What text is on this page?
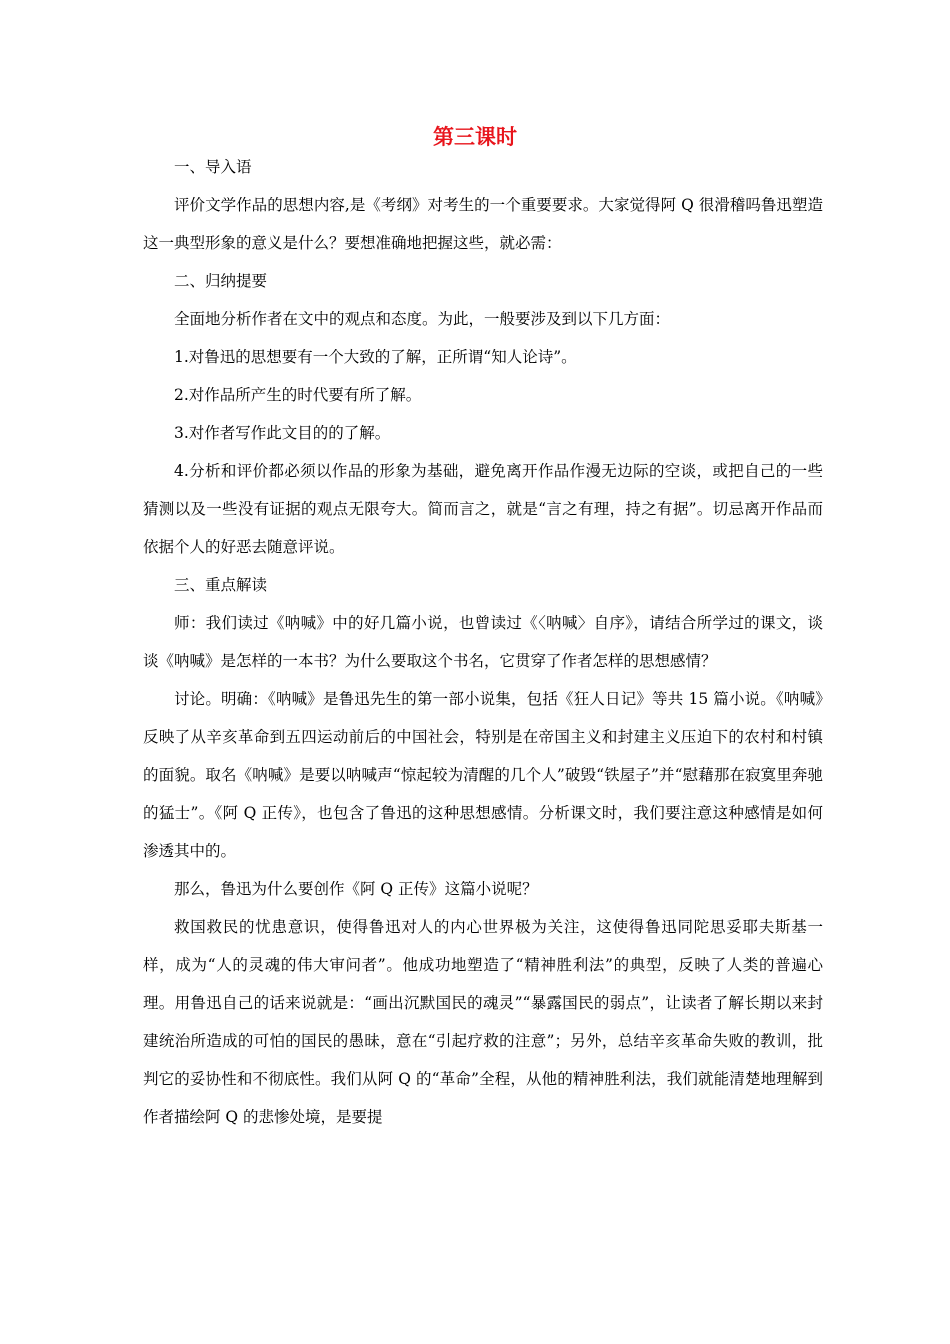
第三课时

一、导入语

评价文学作品的思想内容,是《考纲》对考生的一个重要要求。大家觉得阿 Q 很滑稽吗鲁迅塑造这一典型形象的意义是什么？要想准确地把握这些，就必需：

二、归纳提要

全面地分析作者在文中的观点和态度。为此，一般要涉及到以下几方面：

1.对鲁迅的思想要有一个大致的了解，正所谓“知人论诗”。

2.对作品所产生的时代要有所了解。

3.对作者写作此文目的的了解。

4.分析和评价都必须以作品的形象为基础，避免离开作品作漫无边际的空谈，或把自己的一些猜测以及一些没有证据的观点无限夸大。简而言之，就是“言之有理，持之有据”。切忌离开作品而依据个人的好恶去随意评说。

三、重点解读

师：我们读过《呐喊》中的好几篇小说，也曾读过《〈呐喊〉自序》，请结合所学过的课文，谈谈《呐喊》是怎样的一本书？为什么要取这个书名，它贯穿了作者怎样的思想感情？

讨论。明确：《呐喊》是鲁迅先生的第一部小说集，包括《狂人日记》等共 15 篇小说。《呐喊》反映了从辛亥革命到五四运动前后的中国社会，特别是在帝国主义和封建主义压迫下的农村和村镇的面貌。取名《呐喊》是要以呐喊声“惊起较为清醒的几个人”破毁“铁屋子”并“慰藉那在寂寞里奔驰的猛士”。《阿 Q 正传》，也包含了鲁迅的这种思想感情。分析课文时，我们要注意这种感情是如何渗透其中的。

那么，鲁迅为什么要创作《阿 Q 正传》这篇小说呢？

救国救民的忧患意识，使得鲁迅对人的内心世界极为关注，这使得鲁迅同陀思妥耶夫斯基一样，成为“人的灵魂的伟大审问者”。他成功地塑造了“精神胜利法”的典型，反映了人类的普遍心理。用鲁迅自己的话来说就是：“画出沉默国民的魂灵”“暴露国民的弱点”，让读者了解长期以来封建统治所造成的可怕的国民的愚昧，意在“引起疗救的注意”；另外，总结辛亥革命失败的教训，批判它的妥协性和不彻底性。我们从阿 Q 的“革命”全程，从他的精神胜利法，我们就能清楚地理解到作者描绘阿 Q 的悲惨处境，是要提
